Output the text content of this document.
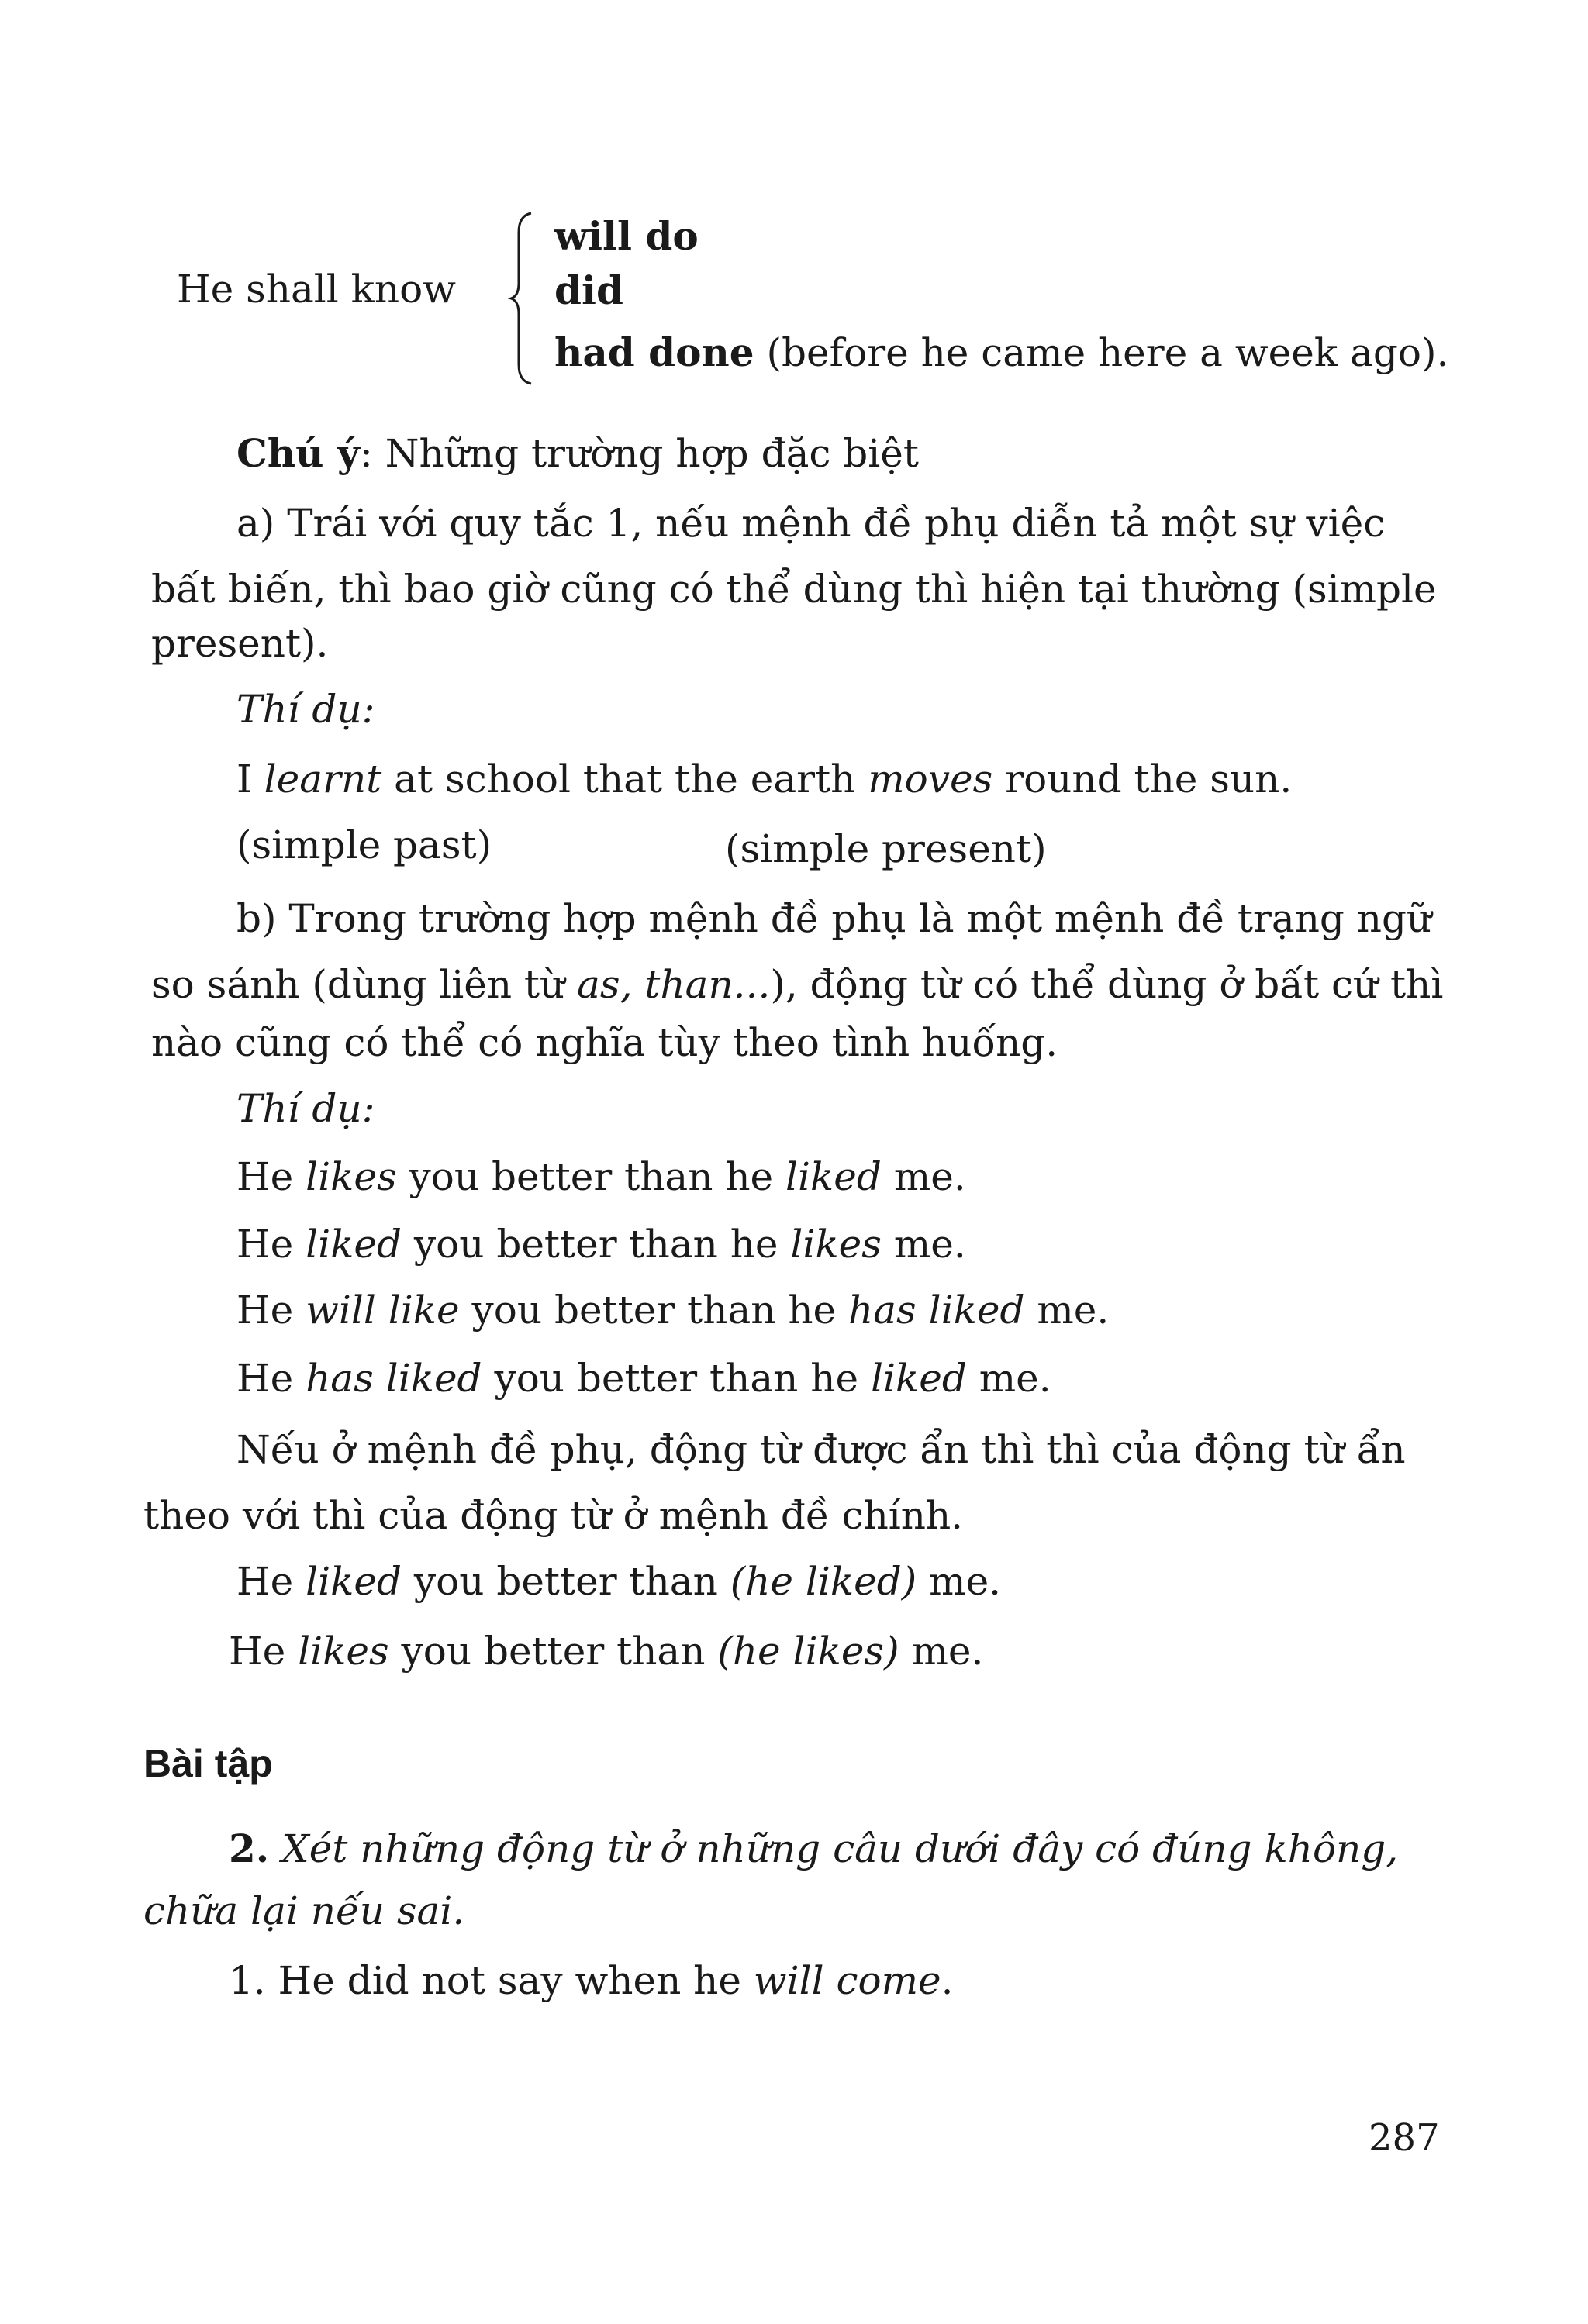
He shall know
will do
did
had done (before he came here a week ago).
Chú ý: Những trường hợp đặc biệt
a) Trái với quy tắc 1, nếu mệnh đề phụ diễn tả một sự việc
bất biến, thì bao giờ cũng có thể dùng thì hiện tại thường (simple
present).
Thí dụ:
I learnt at school that the earth moves round the sun.
(simple past)	(simple present)
b) Trong trường hợp mệnh đề phụ là một mệnh đề trạng ngữ
so sánh (dùng liên từ as, than...), động từ có thể dùng ở bất cứ thì
nào cũng có thể có nghĩa tùy theo tình huống.
Thí dụ:
He likes you better than he liked me.
He liked you better than he likes me.
He will like you better than he has liked me.
He has liked you better than he liked me.
Nếu ở mệnh đề phụ, động từ được ẩn thì thì của động từ ẩn
theo với thì của động từ ở mệnh đề chính.
He liked you better than (he liked) me.
He likes you better than (he likes) me.
Bài tập
2. Xét những động từ ở những câu dưới đây có đúng không,
chữa lại nếu sai.
1. He did not say when he will come.
287
